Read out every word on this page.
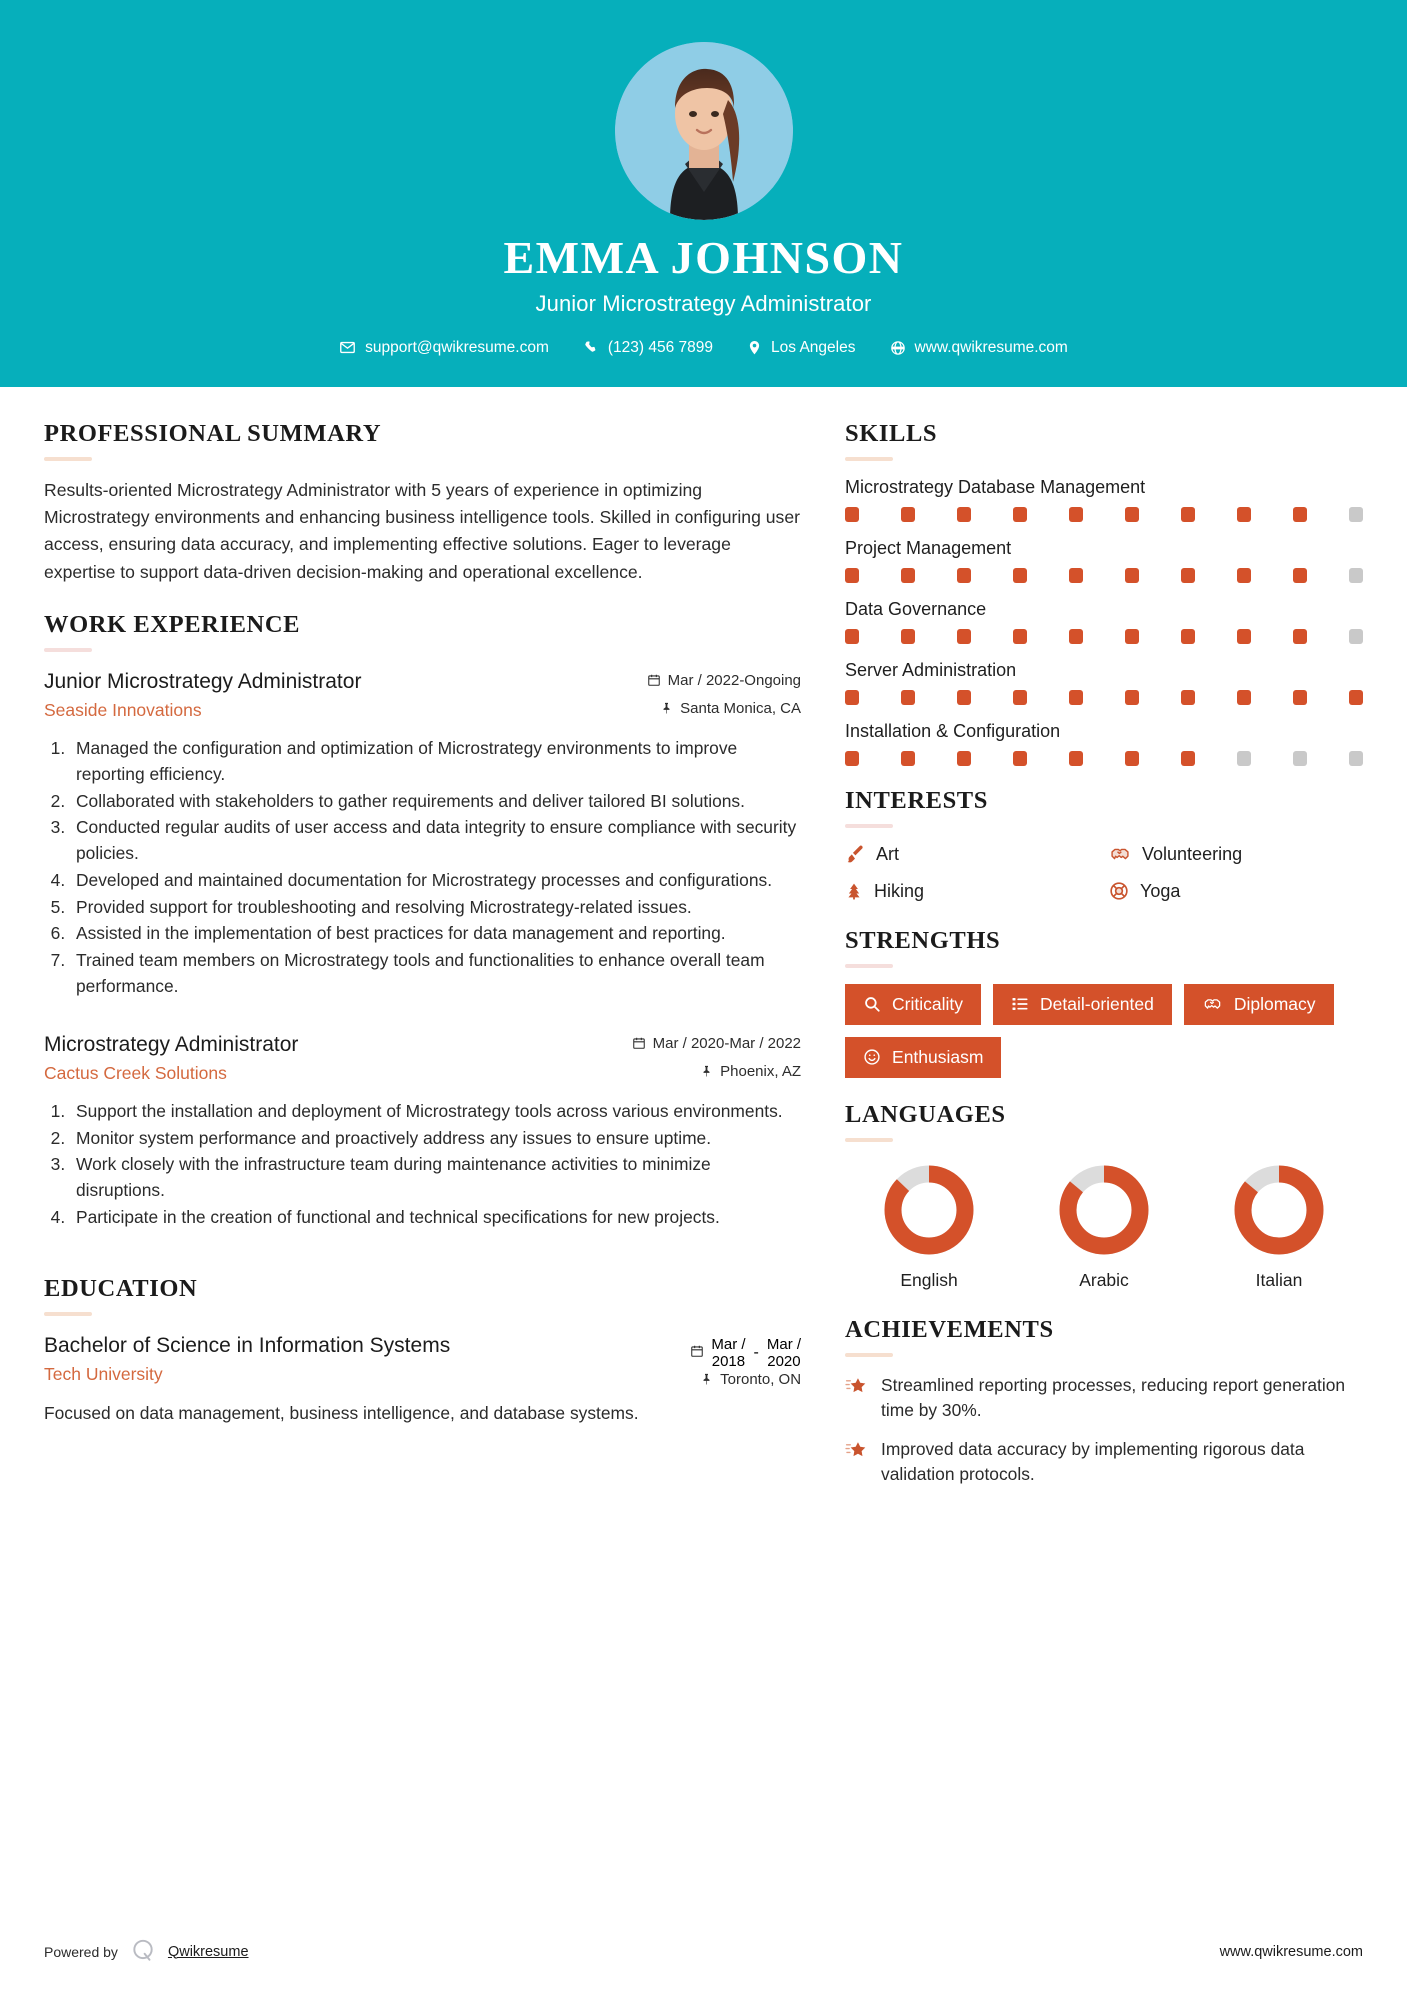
EMMA JOHNSON
Junior Microstrategy Administrator
support@qwikresume.com	(123) 456 7899	Los Angeles	www.qwikresume.com
PROFESSIONAL SUMMARY
Results-oriented Microstrategy Administrator with 5 years of experience in optimizing Microstrategy environments and enhancing business intelligence tools. Skilled in configuring user access, ensuring data accuracy, and implementing effective solutions. Eager to leverage expertise to support data-driven decision-making and operational excellence.
WORK EXPERIENCE
Junior Microstrategy Administrator
Seaside Innovations
Mar / 2022-Ongoing
Santa Monica, CA
1. Managed the configuration and optimization of Microstrategy environments to improve reporting efficiency.
2. Collaborated with stakeholders to gather requirements and deliver tailored BI solutions.
3. Conducted regular audits of user access and data integrity to ensure compliance with security policies.
4. Developed and maintained documentation for Microstrategy processes and configurations.
5. Provided support for troubleshooting and resolving Microstrategy-related issues.
6. Assisted in the implementation of best practices for data management and reporting.
7. Trained team members on Microstrategy tools and functionalities to enhance overall team performance.
Microstrategy Administrator
Cactus Creek Solutions
Mar / 2020-Mar / 2022
Phoenix, AZ
1. Support the installation and deployment of Microstrategy tools across various environments.
2. Monitor system performance and proactively address any issues to ensure uptime.
3. Work closely with the infrastructure team during maintenance activities to minimize disruptions.
4. Participate in the creation of functional and technical specifications for new projects.
EDUCATION
Bachelor of Science in Information Systems
Tech University
Mar /
2018
-
Mar /
2020
Toronto, ON
Focused on data management, business intelligence, and database systems.
SKILLS
Microstrategy Database Management
Project Management
Data Governance
Server Administration
Installation & Configuration
INTERESTS
Art	Volunteering
Hiking	Yoga
STRENGTHS
Criticality	Detail-oriented	Diplomacy
Enthusiasm
LANGUAGES
English	Arabic	Italian
ACHIEVEMENTS
Streamlined reporting processes, reducing report generation time by 30%.
Improved data accuracy by implementing rigorous data validation protocols.
Powered by	Qwikresume	www.qwikresume.com
